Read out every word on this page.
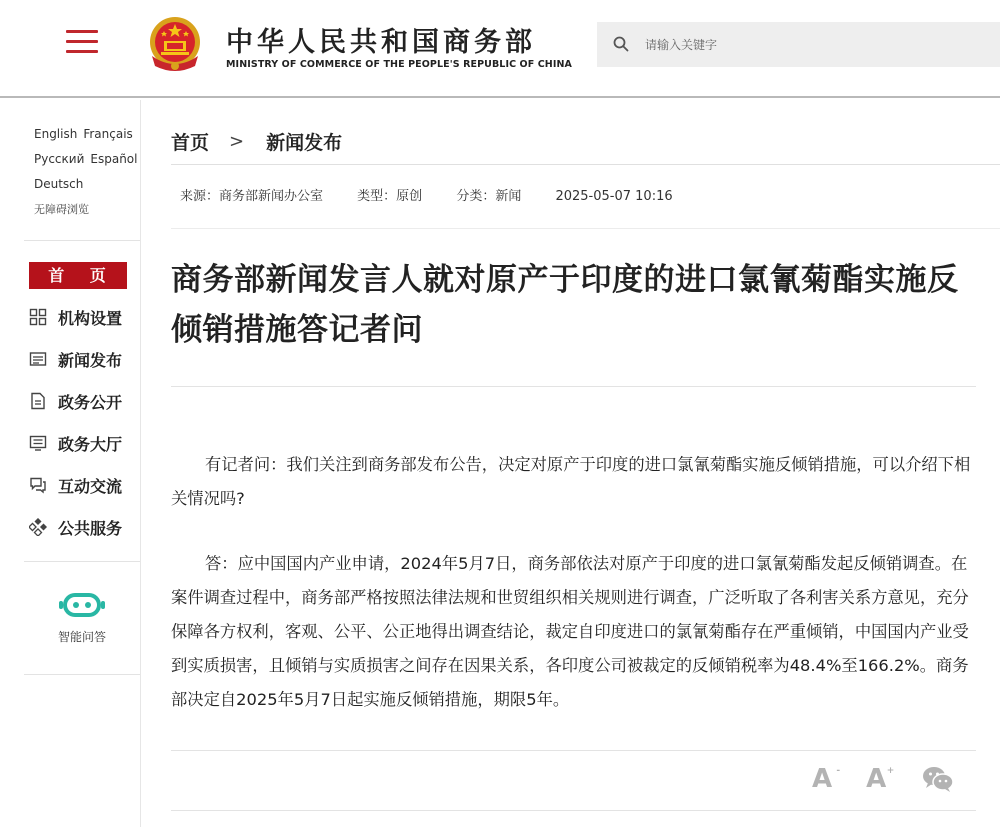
中华人民共和国商务部
MINISTRY OF COMMERCE OF THE PEOPLE'S REPUBLIC OF CHINA
请输入关键字
English Français
Русский Español
Deutsch
无障碍浏览
首 页
机构设置
新闻发布
政务公开
政务大厅
互动交流
公共服务
智能问答
首页 > 新闻发布
来源：商务部新闻办公室	类型：原创	分类：新闻	2025-05-07 10:16
商务部新闻发言人就对原产于印度的进口氯氰菊酯实施反倾销措施答记者问

有记者问：我们关注到商务部发布公告，决定对原产于印度的进口氯氰菊酯实施反倾销措施，可以介绍下相关情况吗?

答：应中国国内产业申请，2024年5月7日，商务部依法对原产于印度的进口氯氰菊酯发起反倾销调查。在案件调查过程中，商务部严格按照法律法规和世贸组织相关规则进行调查，广泛听取了各利害关系方意见，充分保障各方权利，客观、公平、公正地得出调查结论，裁定自印度进口的氯氰菊酯存在严重倾销，中国国内产业受到实质损害，且倾销与实质损害之间存在因果关系，各印度公司被裁定的反倾销税率为48.4%至166.2%。商务部决定自2025年5月7日起实施反倾销措施，期限5年。

A - A +
